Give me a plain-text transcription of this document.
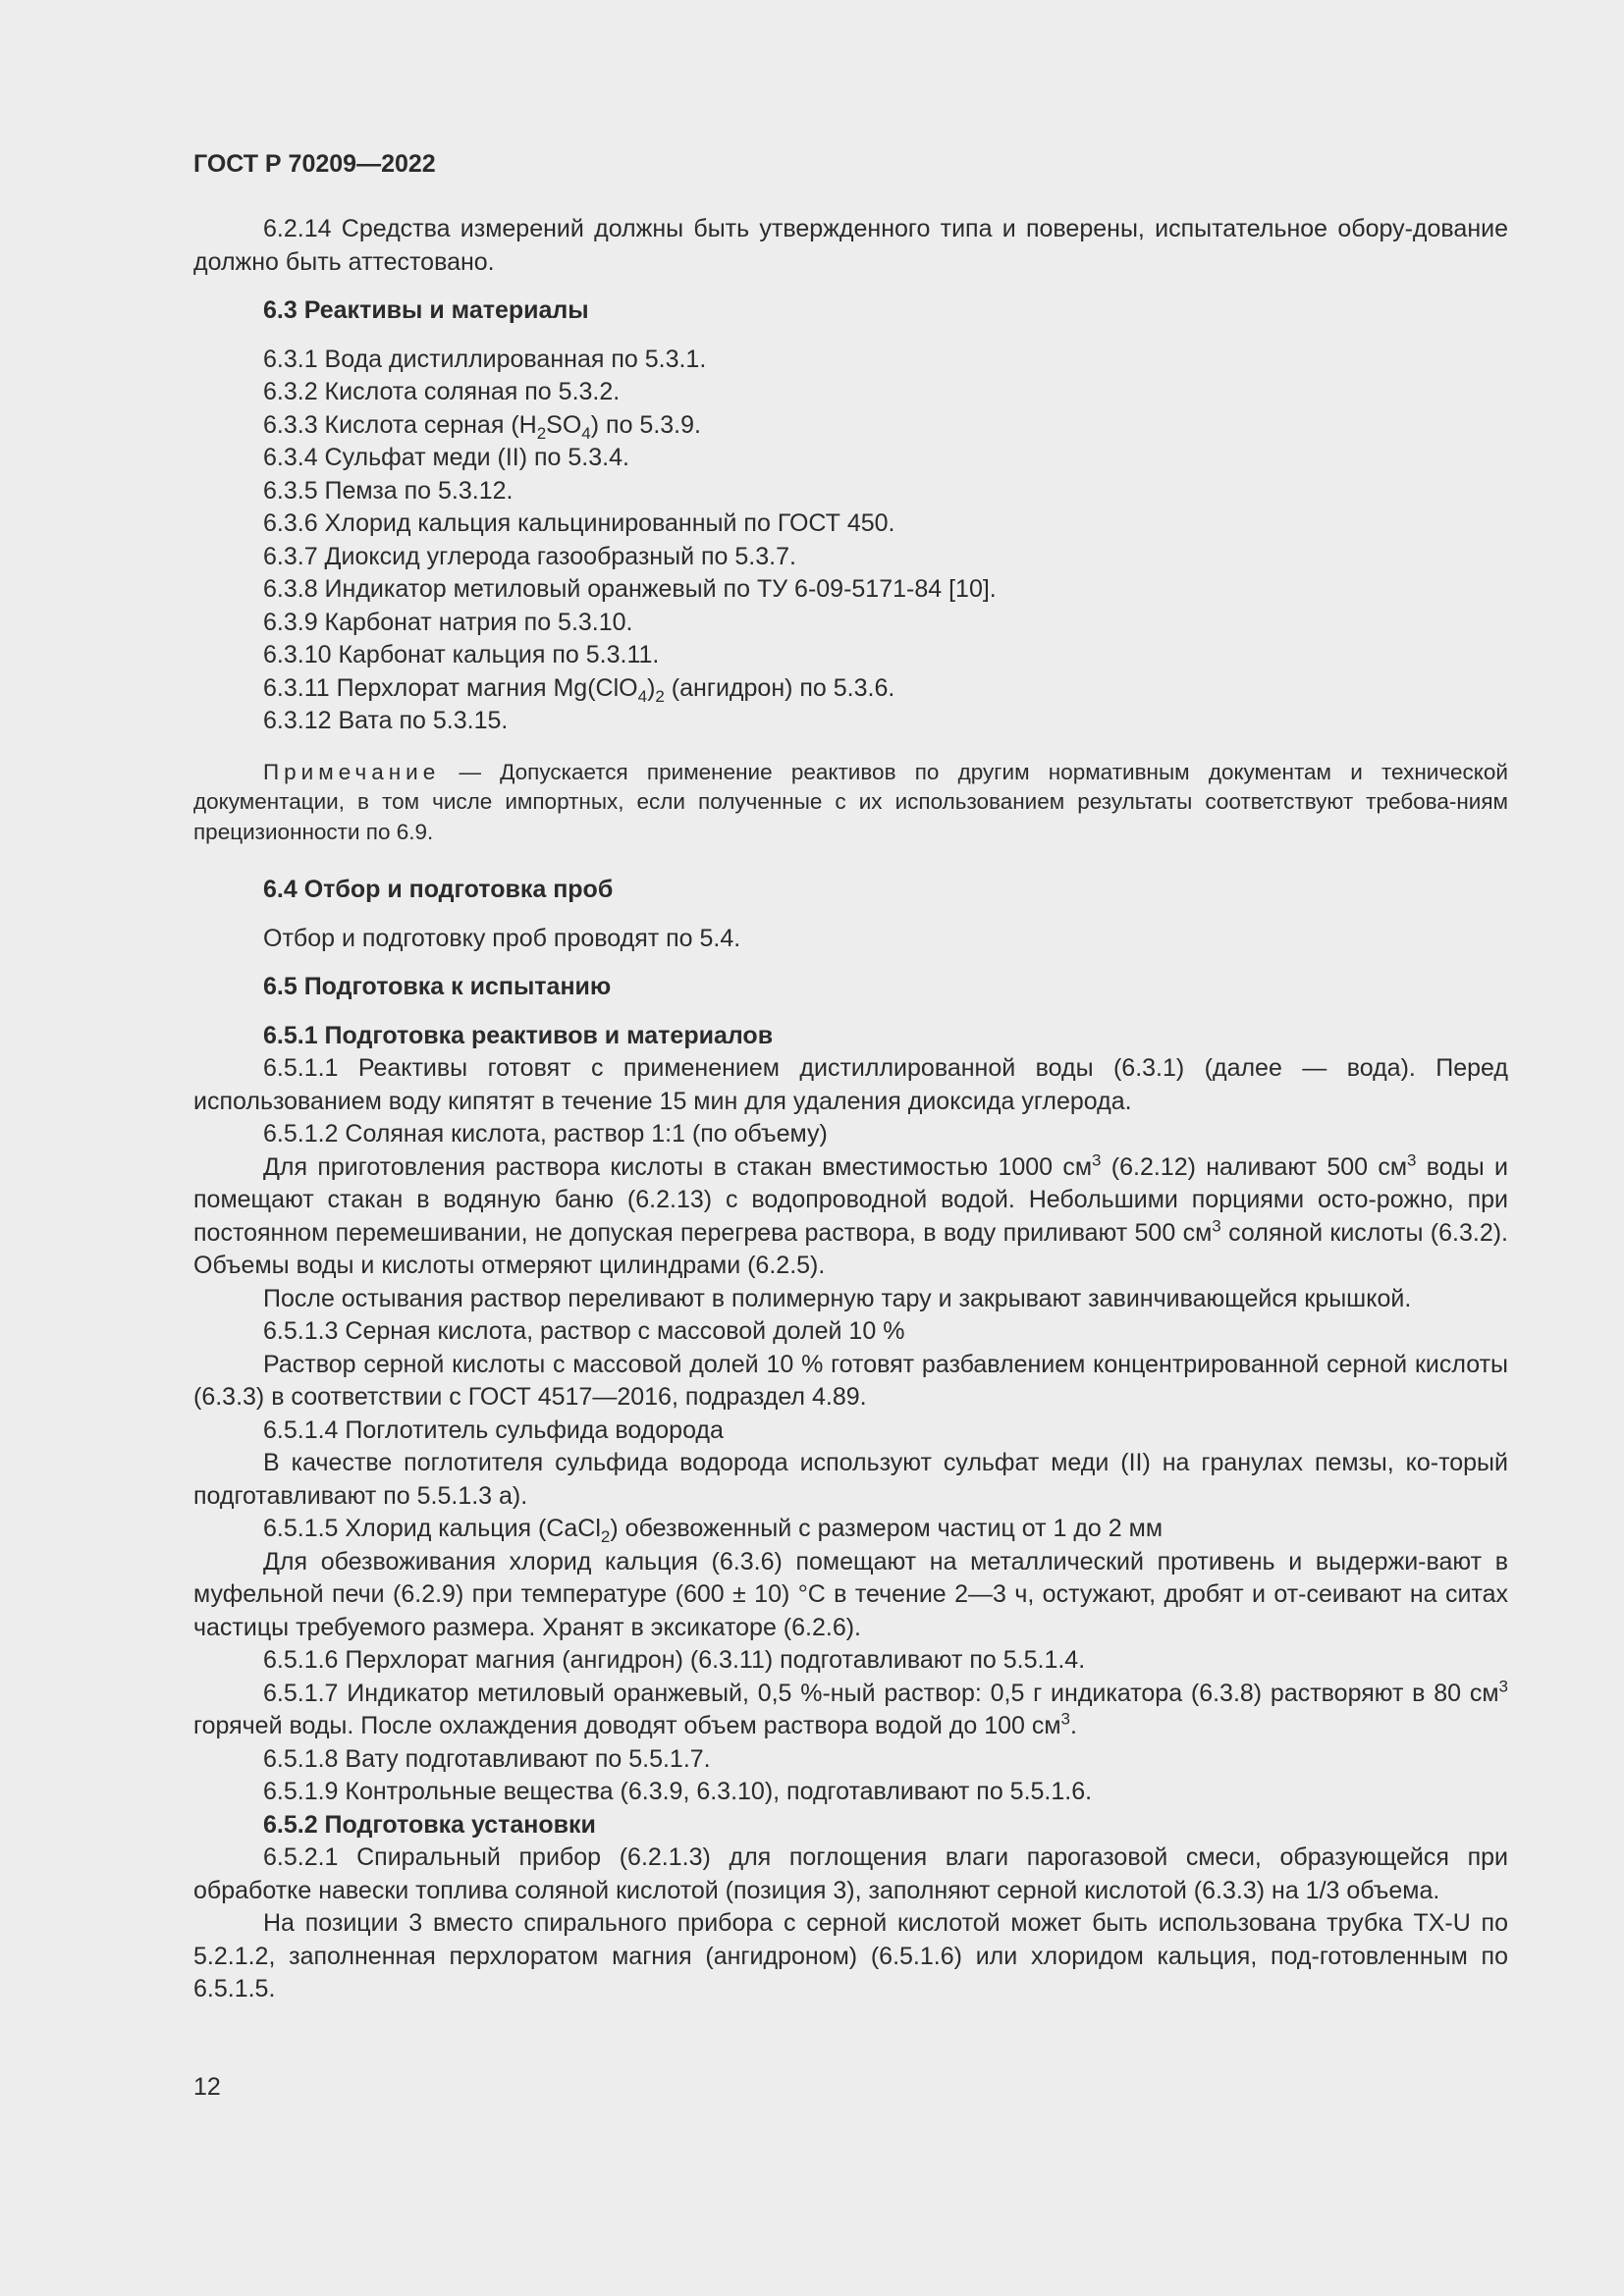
ГОСТ Р 70209—2022

6.2.14 Средства измерений должны быть утвержденного типа и поверены, испытательное обору-дование должно быть аттестовано.

6.3 Реактивы и материалы

6.3.1 Вода дистиллированная по 5.3.1.

6.3.2 Кислота соляная по 5.3.2.

6.3.3 Кислота серная $(H_2SO_4)$ по 5.3.9.

6.3.4 Сульфат меди (II) по 5.3.4.

6.3.5 Пемза по 5.3.12.

6.3.6 Хлорид кальция кальцинированный по ГОСТ 450.

6.3.7 Диоксид углерода газообразный по 5.3.7.

6.3.8 Индикатор метиловый оранжевый по ТУ 6-09-5171-84 [10].

6.3.9 Карбонат натрия по 5.3.10.

6.3.10 Карбонат кальция по 5.3.11.

6.3.11 Перхлорат магния $Mg(ClO_4)_2$ (ангидрон) по 5.3.6.

6.3.12 Вата по 5.3.15.

Примечание — Допускается применение реактивов по другим нормативным документам и технической документации, в том числе импортных, если полученные с их использованием результаты соответствуют требова-ниям прецизионности по 6.9.

6.4 Отбор и подготовка проб

Отбор и подготовку проб проводят по 5.4.

6.5 Подготовка к испытанию

6.5.1 Подготовка реактивов и материалов

6.5.1.1 Реактивы готовят с применением дистиллированной воды (6.3.1) (далее — вода). Перед использованием воду кипятят в течение 15 мин для удаления диоксида углерода.

6.5.1.2 Соляная кислота, раствор 1:1 (по объему)

Для приготовления раствора кислоты в стакан вместимостью 1000 $см^3$ (6.2.12) наливают 500 $см^3$ воды и помещают стакан в водяную баню (6.2.13) с водопроводной водой. Небольшими порциями осто-рожно, при постоянном перемешивании, не допуская перегрева раствора, в воду приливают 500 $см^3$ соляной кислоты (6.3.2). Объемы воды и кислоты отмеряют цилиндрами (6.2.5).

После остывания раствор переливают в полимерную тару и закрывают завинчивающейся крышкой.

6.5.1.3 Серная кислота, раствор с массовой долей 10 %

Раствор серной кислоты с массовой долей 10 % готовят разбавлением концентрированной серной кислоты (6.3.3) в соответствии с ГОСТ 4517—2016, подраздел 4.89.

6.5.1.4 Поглотитель сульфида водорода

В качестве поглотителя сульфида водорода используют сульфат меди (II) на гранулах пемзы, ко-торый подготавливают по 5.5.1.3 а).

6.5.1.5 Хлорид кальция (CaCl$_2$) обезвоженный с размером частиц от 1 до 2 мм

Для обезвоживания хлорид кальция (6.3.6) помещают на металлический противень и выдержи-вают в муфельной печи (6.2.9) при температуре (600 ± 10) °C в течение 2—3 ч, остужают, дробят и от-сеивают на ситах частицы требуемого размера. Хранят в эксикаторе (6.2.6).

6.5.1.6 Перхлорат магния (ангидрон) (6.3.11) подготавливают по 5.5.1.4.

6.5.1.7 Индикатор метиловый оранжевый, 0,5 %-ный раствор: 0,5 г индикатора (6.3.8) растворяют в 80 $см^3$ горячей воды. После охлаждения доводят объем раствора водой до 100 $см^3$.

6.5.1.8 Вату подготавливают по 5.5.1.7.

6.5.1.9 Контрольные вещества (6.3.9, 6.3.10), подготавливают по 5.5.1.6.

6.5.2 Подготовка установки

6.5.2.1 Спиральный прибор (6.2.1.3) для поглощения влаги парогазовой смеси, образующейся при обработке навески топлива соляной кислотой (позиция 3), заполняют серной кислотой (6.3.3) на 1/3 объема.

На позиции 3 вместо спирального прибора с серной кислотой может быть использована трубка ТХ-U по 5.2.1.2, заполненная перхлоратом магния (ангидроном) (6.5.1.6) или хлоридом кальция, под-готовленным по 6.5.1.5.

12
